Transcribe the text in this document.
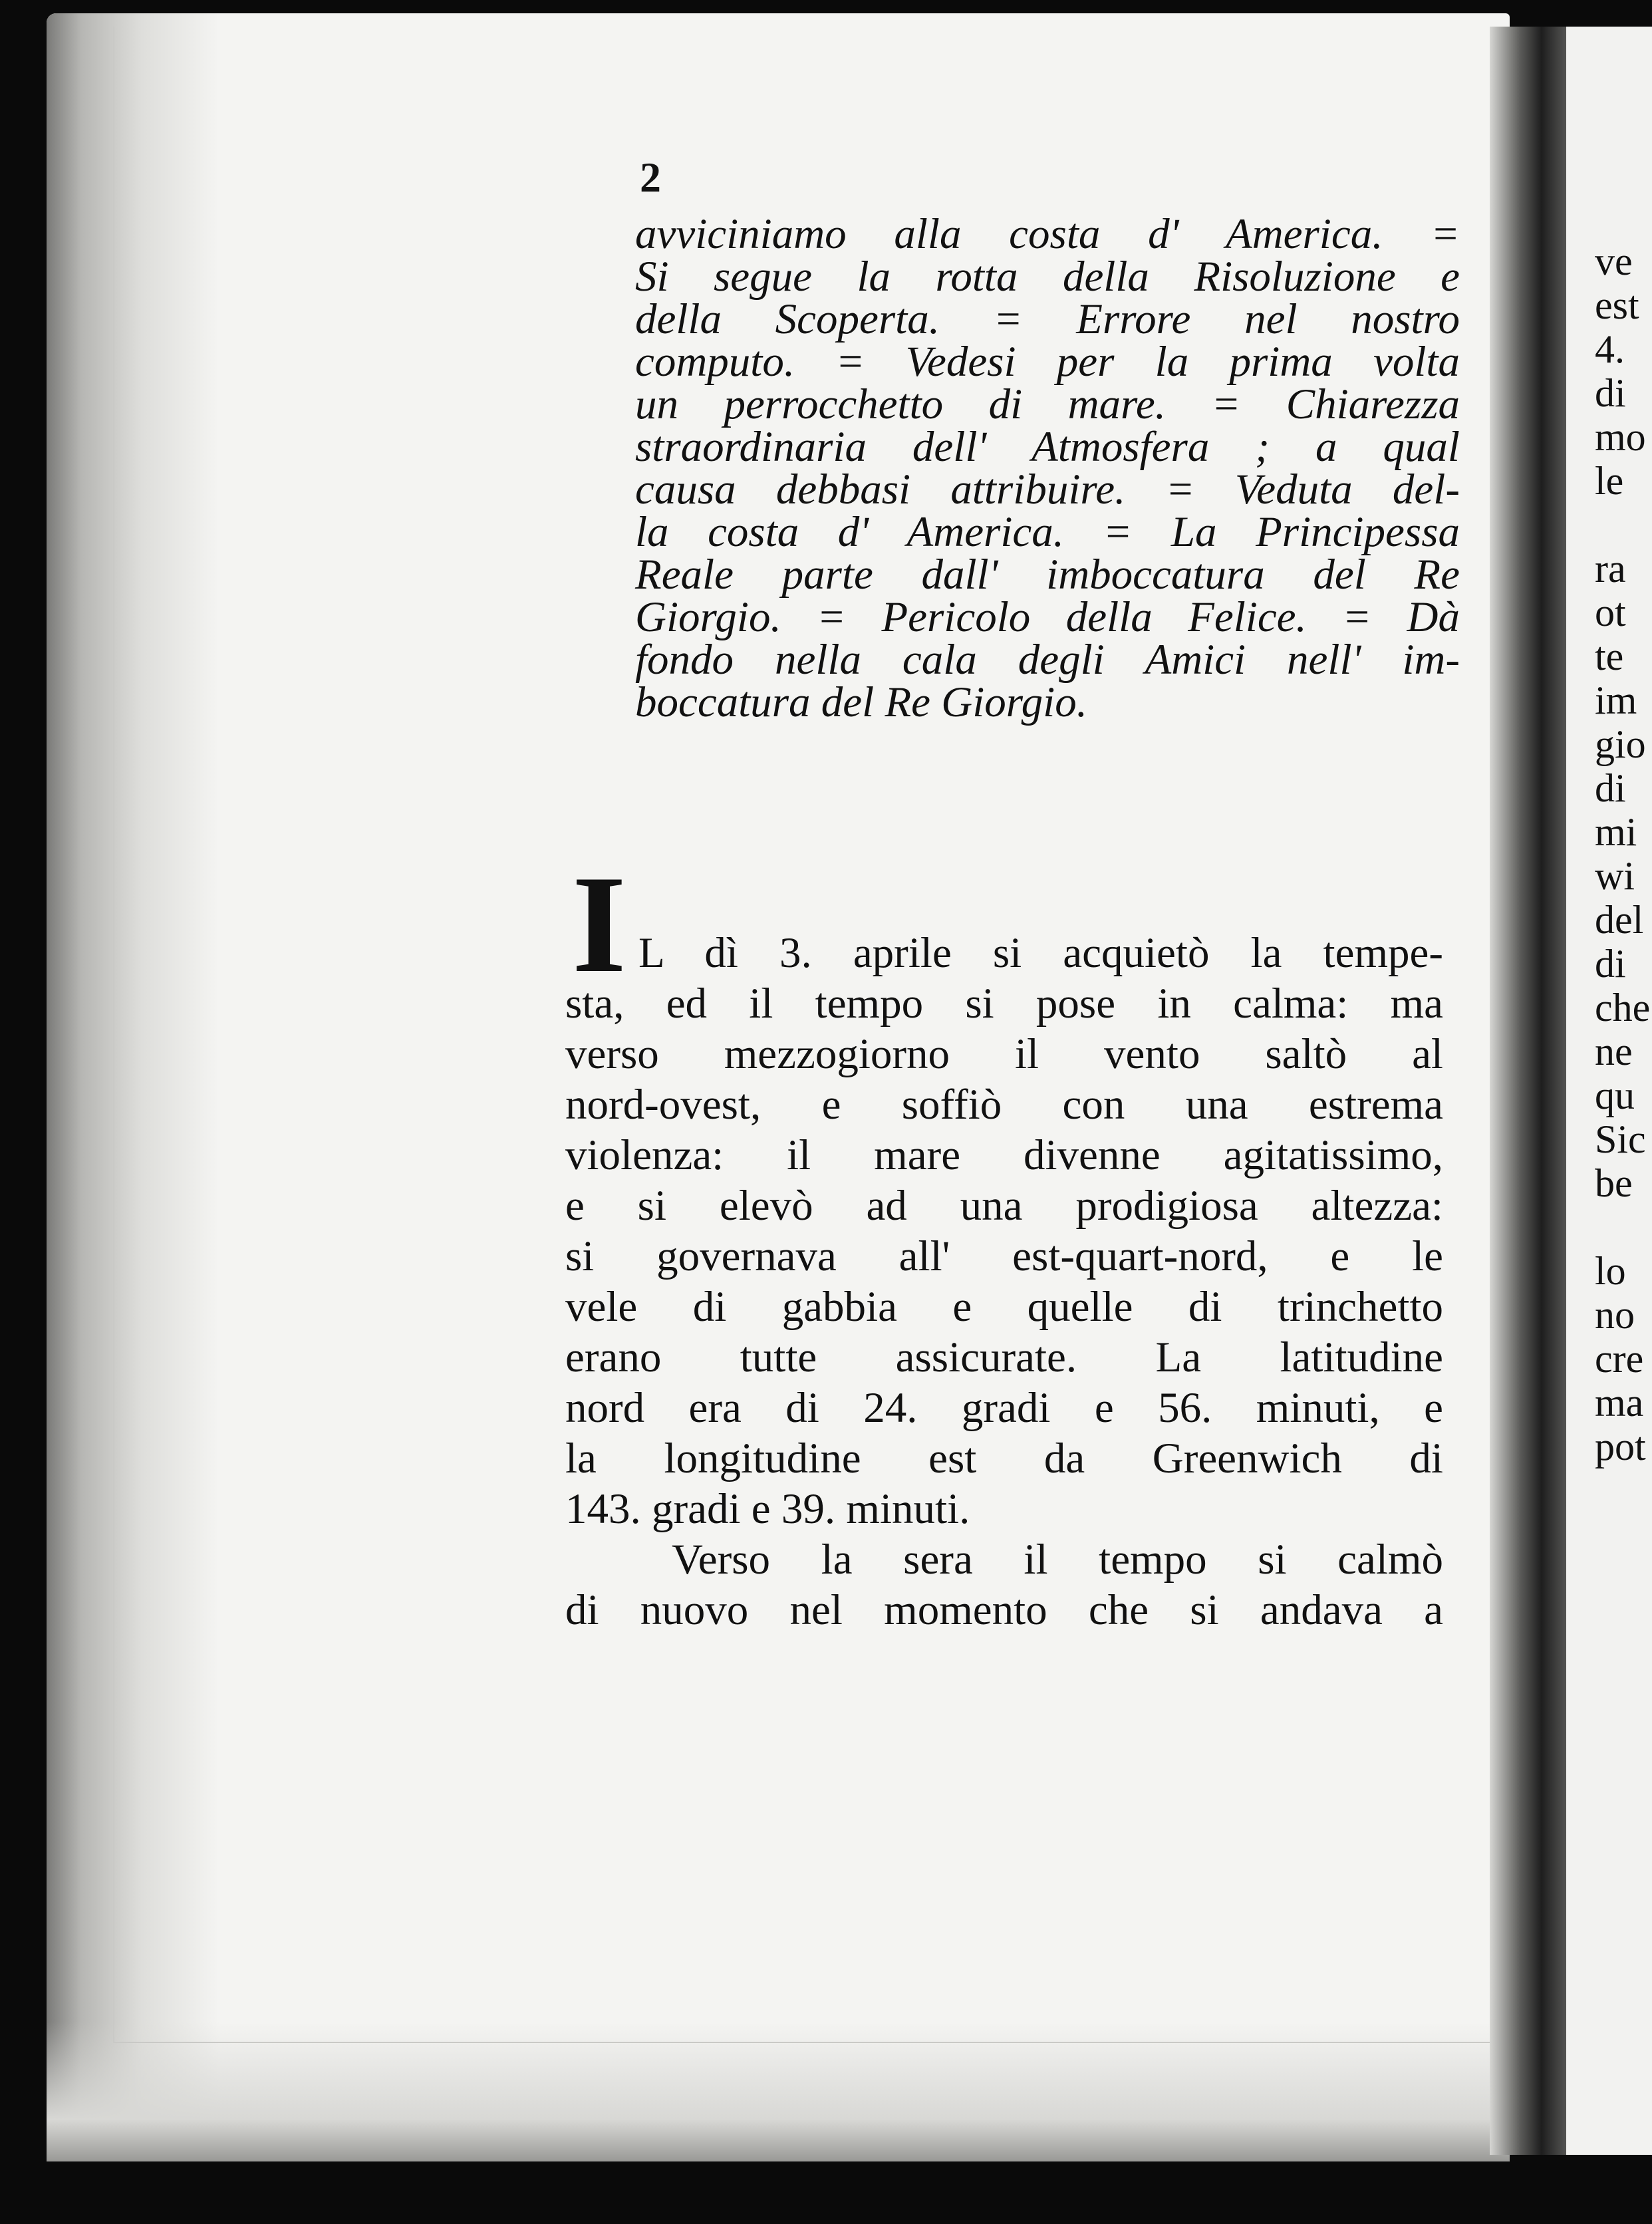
2
avviciniamo alla costa d' America. =
Si segue la rotta della Risoluzione e
della Scoperta. = Errore nel nostro
computo. = Vedesi per la prima volta
un perrocchetto di mare. = Chiarezza
straordinaria dell' Atmosfera ; a qual
causa debbasi attribuire. = Veduta del-
la costa d' America. = La Principessa
Reale parte dall' imboccatura del Re
Giorgio. = Pericolo della Felice. = Dà
fondo nella cala degli Amici nell' im-
boccatura del Re Giorgio.
I L dì 3. aprile si acquietò la tempe-
sta, ed il tempo si pose in calma: ma
verso mezzogiorno il vento saltò al
nord-ovest, e soffiò con una estrema
violenza: il mare divenne agitatissimo,
e si elevò ad una prodigiosa altezza:
si governava all' est-quart-nord, e le
vele di gabbia e quelle di trinchetto
erano tutte assicurate. La latitudine
nord era di 24. gradi e 56. minuti, e
la longitudine est da Greenwich di
143. gradi e 39. minuti.
Verso la sera il tempo si calmò
di nuovo nel momento che si andava a
ve
est
4.
di
mo
le
ra
ot
te
im
gio
di
mi
wi
del
di
che
ne
qu
Sic
be
lo
no
cre
ma
pot
